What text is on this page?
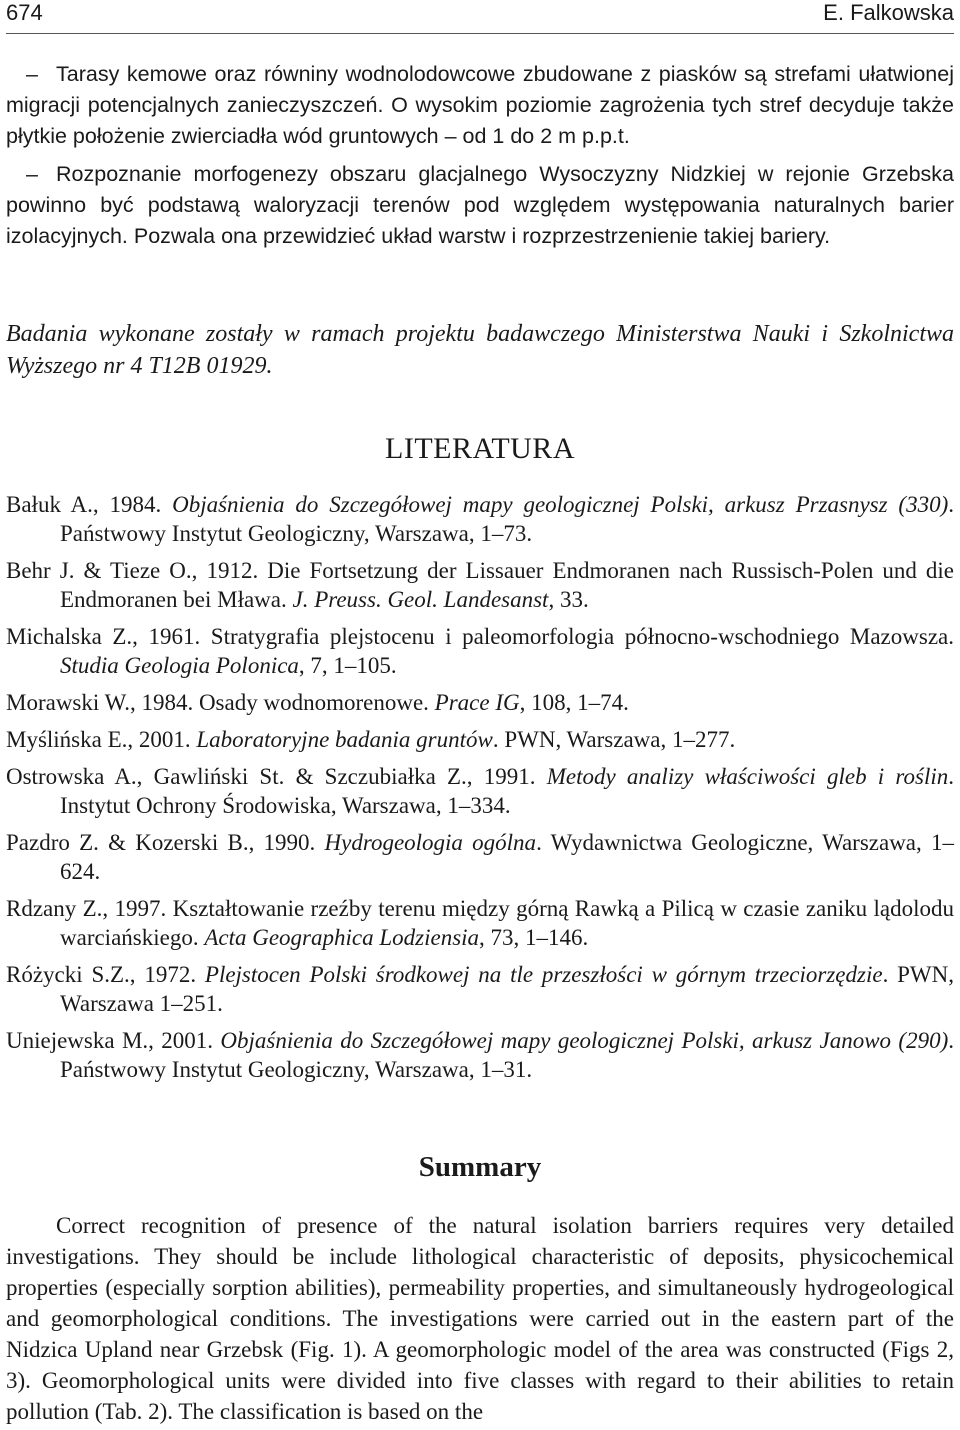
674	E. Falkowska
– Tarasy kemowe oraz równiny wodnolodowcowe zbudowane z piasków są strefami ułatwionej migracji potencjalnych zanieczyszczeń. O wysokim poziomie zagrożenia tych stref decyduje także płytkie położenie zwierciadła wód gruntowych – od 1 do 2 m p.p.t.
– Rozpoznanie morfogenezy obszaru glacjalnego Wysoczyzny Nidzkiej w rejonie Grzebska powinno być podstawą waloryzacji terenów pod względem występowania naturalnych barier izolacyjnych. Pozwala ona przewidzieć układ warstw i rozprzestrzenienie takiej bariery.
Badania wykonane zostały w ramach projektu badawczego Ministerstwa Nauki i Szkolnictwa Wyższego nr 4 T12B 01929.
LITERATURA
Bałuk A., 1984. Objaśnienia do Szczegółowej mapy geologicznej Polski, arkusz Przasnysz (330). Państwowy Instytut Geologiczny, Warszawa, 1–73.
Behr J. & Tieze O., 1912. Die Fortsetzung der Lissauer Endmoranen nach Russisch-Polen und die Endmoranen bei Mława. J. Preuss. Geol. Landesanst, 33.
Michalska Z., 1961. Stratygrafia plejstocenu i paleomorfologia północno-wschodniego Mazowsza. Studia Geologia Polonica, 7, 1–105.
Morawski W., 1984. Osady wodnomorenowe. Prace IG, 108, 1–74.
Myślińska E., 2001. Laboratoryjne badania gruntów. PWN, Warszawa, 1–277.
Ostrowska A., Gawliński St. & Szczubiałka Z., 1991. Metody analizy właściwości gleb i roślin. Instytut Ochrony Środowiska, Warszawa, 1–334.
Pazdro Z. & Kozerski B., 1990. Hydrogeologia ogólna. Wydawnictwa Geologiczne, Warszawa, 1–624.
Rdzany Z., 1997. Kształtowanie rzeźby terenu między górną Rawką a Pilicą w czasie zaniku lądolodu warciańskiego. Acta Geographica Lodziensia, 73, 1–146.
Różycki S.Z., 1972. Plejstocen Polski środkowej na tle przeszłości w górnym trzeciorzędzie. PWN, Warszawa 1–251.
Uniejewska M., 2001. Objaśnienia do Szczegółowej mapy geologicznej Polski, arkusz Janowo (290). Państwowy Instytut Geologiczny, Warszawa, 1–31.
Summary
Correct recognition of presence of the natural isolation barriers requires very detailed investigations. They should be include lithological characteristic of deposits, physicochemical properties (especially sorption abilities), permeability properties, and simultaneously hydrogeological and geomorphological conditions. The investigations were carried out in the eastern part of the Nidzica Upland near Grzebsk (Fig. 1). A geomorphologic model of the area was constructed (Figs 2, 3). Geomorphological units were divided into five classes with regard to their abilities to retain pollution (Tab. 2). The classification is based on the
